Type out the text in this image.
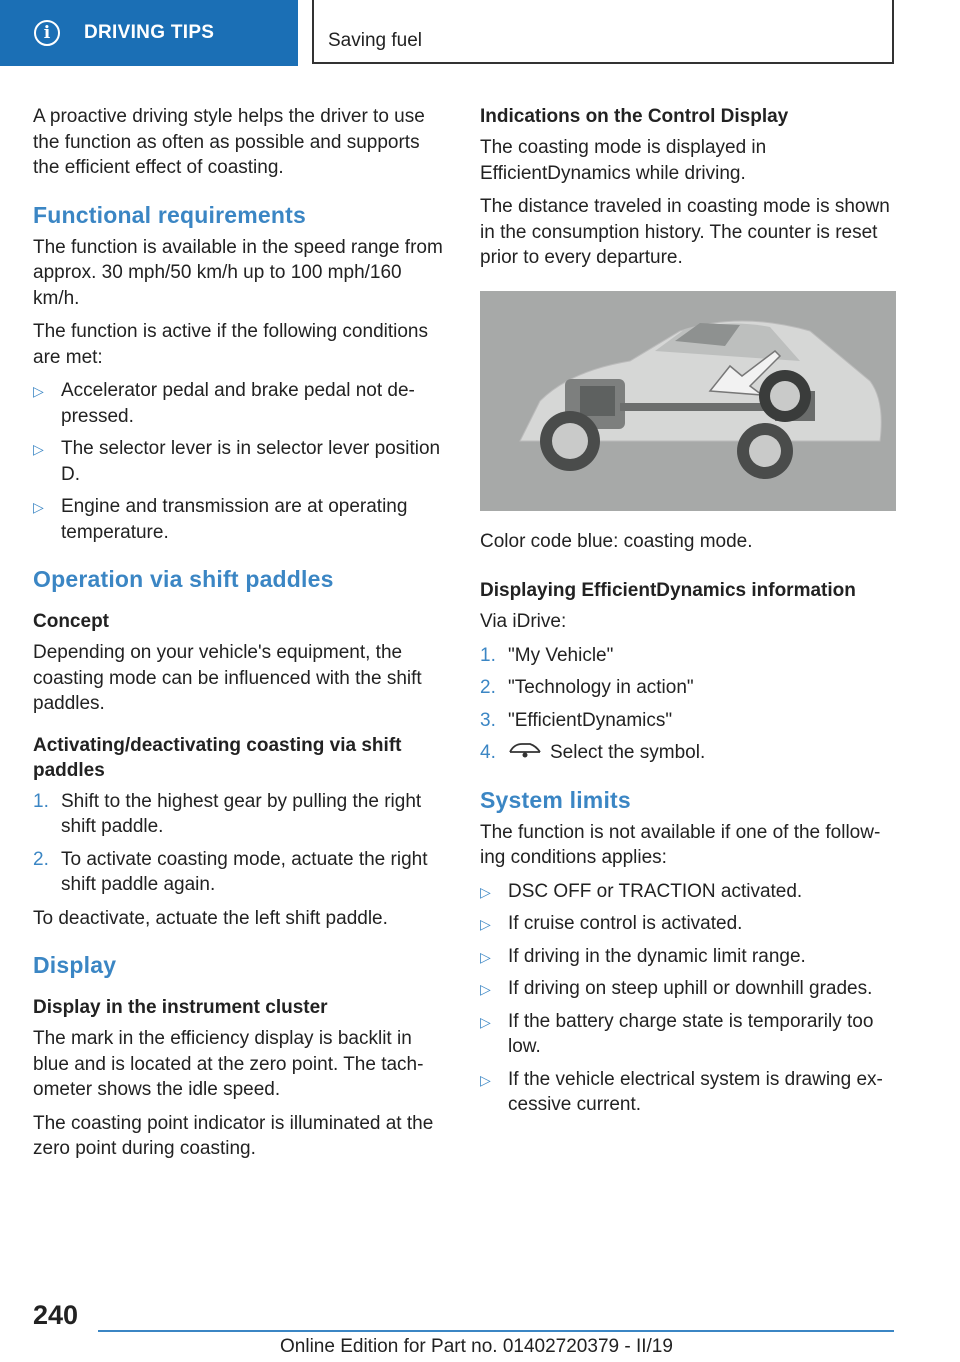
i	DRIVING TIPS	Saving fuel

A proactive driving style helps the driver to use the function as often as possible and supports the efficient effect of coasting.

Functional requirements

The function is available in the speed range from approx. 30 mph/50 km/h up to 100 mph/160 km/h.

The function is active if the following conditions are met:

▷ Accelerator pedal and brake pedal not de-pressed.
▷ The selector lever is in selector lever position D.
▷ Engine and transmission are at operating temperature.
Operation via shift paddles
Concept

Depending on your vehicle's equipment, the coasting mode can be influenced with the shift paddles.

Activating/deactivating coasting via shift paddles
1. Shift to the highest gear by pulling the right shift paddle.
2. To activate coasting mode, actuate the right shift paddle again.

To deactivate, actuate the left shift paddle.

Display
Display in the instrument cluster

The mark in the efficiency display is backlit in blue and is located at the zero point. The tach-ometer shows the idle speed.

The coasting point indicator is illuminated at the zero point during coasting.

Indications on the Control Display

The coasting mode is displayed in EfficientDynamics while driving.

The distance traveled in coasting mode is shown in the consumption history. The counter is reset prior to every departure.

Color code blue: coasting mode.

Displaying EfficientDynamics information

Via iDrive:

1. "My Vehicle"
2. "Technology in action"
3. "EfficientDynamics"
4.	Select the symbol.
System limits

The function is not available if one of the follow-ing conditions applies:

▷ DSC OFF or TRACTION activated.
▷ If cruise control is activated.
▷ If driving in the dynamic limit range.
▷ If driving on steep uphill or downhill grades.
▷ If the battery charge state is temporarily too low.
▷ If the vehicle electrical system is drawing ex-cessive current.
240
Online Edition for Part no. 01402720379 - II/19
